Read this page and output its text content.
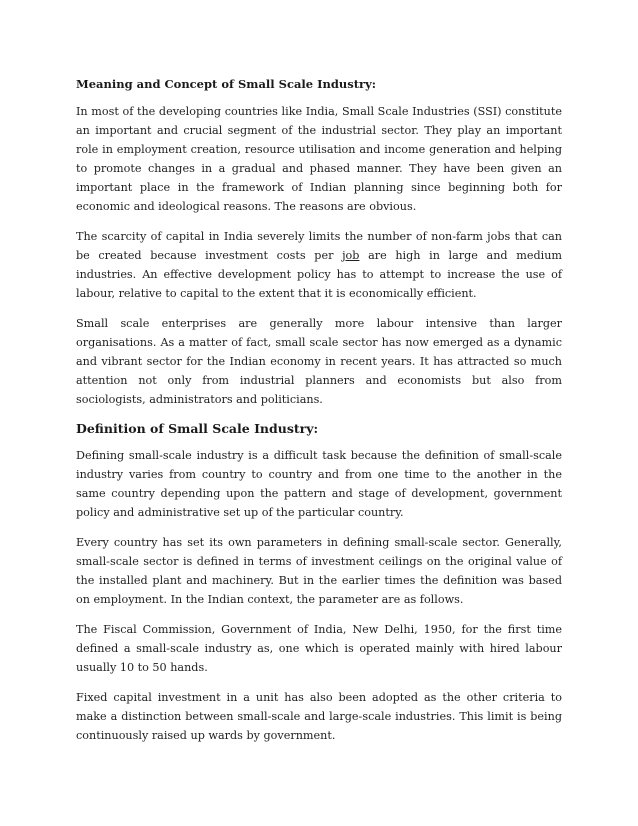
Meaning and Concept of Small Scale Industry:

In most of the developing countries like India, Small Scale Industries (SSI) constitute an important and crucial segment of the industrial sector. They play an important role in employment creation, resource utilisation and income generation and helping to promote changes in a gradual and phased manner. They have been given an important place in the framework of Indian planning since beginning both for economic and ideological reasons. The reasons are obvious.

The scarcity of capital in India severely limits the number of non-farm jobs that can be created because investment costs per job are high in large and medium industries. An effective development policy has to attempt to increase the use of labour, relative to capital to the extent that it is economically efficient.

Small scale enterprises are generally more labour intensive than larger organisations. As a matter of fact, small scale sector has now emerged as a dynamic and vibrant sector for the Indian economy in recent years. It has attracted so much attention not only from industrial planners and economists but also from sociologists, administrators and politicians.

Definition of Small Scale Industry:

Defining small-scale industry is a difficult task because the definition of small-scale industry varies from country to country and from one time to the another in the same country depending upon the pattern and stage of development, government policy and administrative set up of the particular country.

Every country has set its own parameters in defining small-scale sector. Generally, small-scale sector is defined in terms of investment ceilings on the original value of the installed plant and machinery. But in the earlier times the definition was based on employment. In the Indian context, the parameter are as follows.

The Fiscal Commission, Government of India, New Delhi, 1950, for the first time defined a small-scale industry as, one which is operated mainly with hired labour usually 10 to 50 hands.

Fixed capital investment in a unit has also been adopted as the other criteria to make a distinction between small-scale and large-scale industries. This limit is being continuously raised up wards by government.
